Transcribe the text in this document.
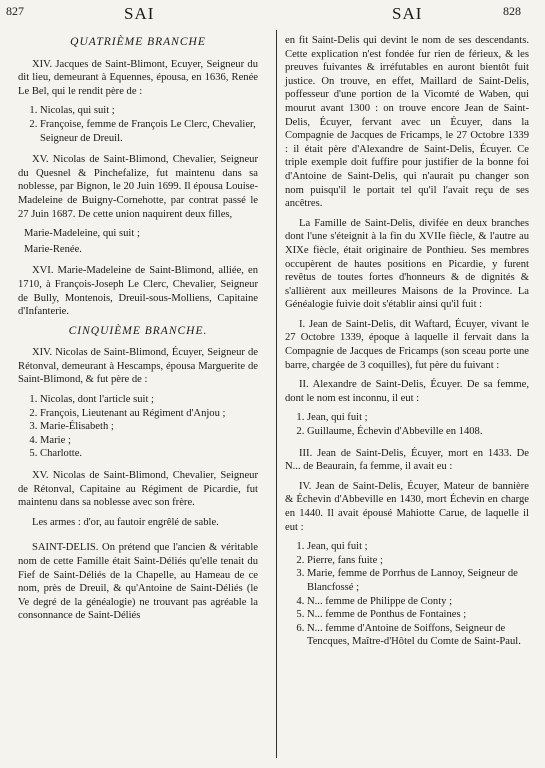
827	SAI	SAI	828
QUATRIÈME BRANCHE

XIV. Jacques de Saint-Blimont, Ecuyer, Seigneur du dit lieu, demeurant à Equennes, épousa, en 1636, Renée Le Bel, qui le rendit père de :

1. Nicolas, qui suit ;
2. Françoise, femme de François Le Clerc, Chevalier, Seigneur de Dreuil.

XV. Nicolas de Saint-Blimond, Chevalier, Seigneur du Quesnel & Pinchefalize, fut maintenu dans sa noblesse, par Bignon, le 20 Juin 1699. Il épousa Louise-Madeleine de Buigny-Cornehotte, par contrat passé le 27 Juin 1687. De cette union naquirent deux filles,

Marie-Madeleine, qui suit ;

Marie-Renée.

XVI. Marie-Madeleine de Saint-Blimond, alliée, en 1710, à François-Joseph Le Clerc, Chevalier, Seigneur de Bully, Montenois, Dreuil-sous-Molliens, Capitaine d'Infanterie.

CINQUIÈME BRANCHE.

XIV. Nicolas de Saint-Blimond, Écuyer, Seigneur de Rétonval, demeurant à Hescamps, épousa Marguerite de Saint-Blimond, & fut père de :

1. Nicolas, dont l'article suit ;
2. François, Lieutenant au Régiment d'Anjou ;
3. Marie-Élisabeth ;
4. Marie ;
5. Charlotte.

XV. Nicolas de Saint-Blimond, Chevalier, Seigneur de Rétonval, Capitaine au Régiment de Picardie, fut maintenu dans sa noblesse avec son frère.

Les armes : d'or, au fautoir engrêlé de sable.

SAINT-DELIS. On prétend que l'ancien & véritable nom de cette Famille était Saint-Déliés qu'elle tenait du Fief de Saint-Déliés de la Chapelle, au Hameau de ce nom, près de Dreuil, & qu'Antoine de Saint-Déliés (le Ve degré de la généalogie) ne trouvant pas agréable la consonnance de Saint-Déliés

en fit Saint-Delis qui devint le nom de ses descendants. Cette explication n'est fondée fur rien de férieux, & les preuves fuivantes & irréfutables en auront bientôt fuit justice. On trouve, en effet, Maillard de Saint-Delis, poffesseur d'une portion de la Vicomté de Waben, qui mourut avant 1300 : on trouve encore Jean de Saint-Delis, Écuyer, fervant avec un Écuyer, dans la Compagnie de Jacques de Fricamps, le 27 Octobre 1339 : il était père d'Alexandre de Saint-Delis, Écuyer. Ce triple exemple doit fuffire pour justifier de la bonne foi d'Antoine de Saint-Delis, qui n'aurait pu changer son nom puisqu'il le portait tel qu'il l'avait reçu de ses ancêtres.

La Famille de Saint-Delis, divifée en deux branches dont l'une s'éteignit à la fin du XVIIe fiècle, & l'autre au XIXe fiècle, était originaire de Ponthieu. Ses membres occupèrent de hautes positions en Picardie, y furent revêtus de toutes fortes d'honneurs & de dignités & s'allièrent aux meilleures Maisons de la Province. La Généalogie fuivie doit s'établir ainsi qu'il fuit :

I. Jean de Saint-Delis, dit Waftard, Écuyer, vivant le 27 Octobre 1339, époque à laquelle il fervait dans la Compagnie de Jacques de Fricamps (son sceau porte une barre, chargée de 3 coquilles), fut père du fuivant :

II. Alexandre de Saint-Delis, Écuyer. De sa femme, dont le nom est inconnu, il eut :

1. Jean, qui fuit ;
2. Guillaume, Échevin d'Abbeville en 1408.

III. Jean de Saint-Delis, Écuyer, mort en 1433. De N... de Beaurain, fa femme, il avait eu :

IV. Jean de Saint-Delis, Écuyer, Mateur de bannière & Échevin d'Abbeville en 1430, mort Échevin en charge en 1440. Il avait épousé Mahiotte Carue, de laquelle il eut :

1. Jean, qui fuit ;
2. Pierre, fans fuite ;
3. Marie, femme de Porrhus de Lannoy, Seigneur de Blancfossé ;
4. N... femme de Philippe de Conty ;
5. N... femme de Ponthus de Fontaines ;
6. N... femme d'Antoine de Soiffons, Seigneur de Tencques, Maître-d'Hôtel du Comte de Saint-Paul.
